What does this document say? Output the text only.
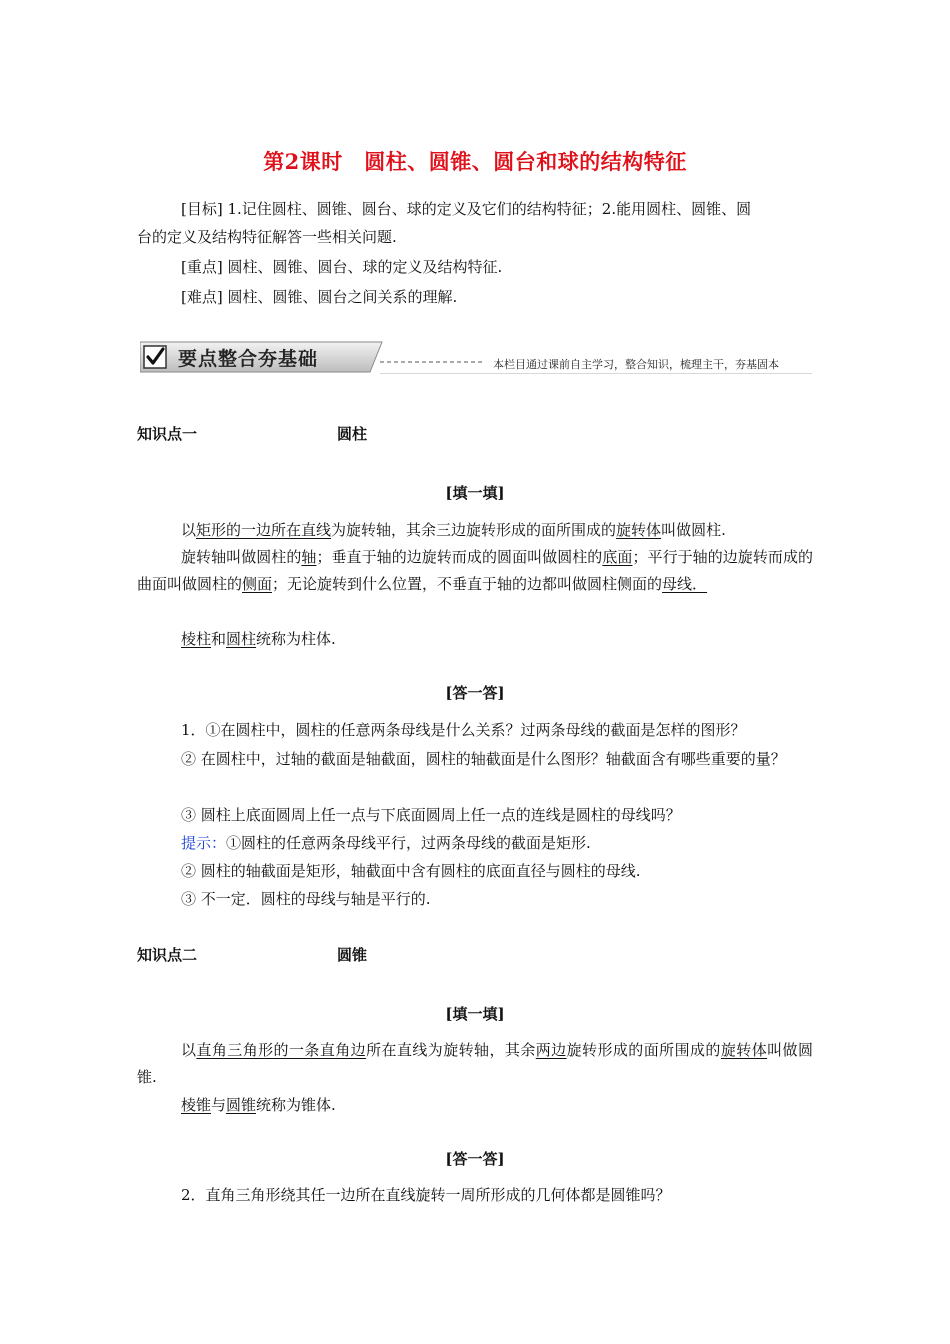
第2课时　圆柱、圆锥、圆台和球的结构特征
[目标] 1.记住圆柱、圆锥、圆台、球的定义及它们的结构特征；2.能用圆柱、圆锥、圆
台的定义及结构特征解答一些相关问题.
[重点] 圆柱、圆锥、圆台、球的定义及结构特征.
[难点] 圆柱、圆锥、圆台之间关系的理解.
要点整合夯基础	本栏目通过课前自主学习，整合知识，梳理主干，夯基固本
知识点一	圆柱
[填一填]
以矩形的一边所在直线为旋转轴，其余三边旋转形成的面所围成的旋转体叫做圆柱.
旋转轴叫做圆柱的轴；垂直于轴的边旋转而成的圆面叫做圆柱的底面；平行于轴的边旋转而成的曲面叫做圆柱的侧面；无论旋转到什么位置，不垂直于轴的边都叫做圆柱侧面的母线．
棱柱和圆柱统称为柱体.
[答一答]
1．①在圆柱中，圆柱的任意两条母线是什么关系？过两条母线的截面是怎样的图形？
② 在圆柱中，过轴的截面是轴截面，圆柱的轴截面是什么图形？轴截面含有哪些重要的量？
③ 圆柱上底面圆周上任一点与下底面圆周上任一点的连线是圆柱的母线吗？
提示：①圆柱的任意两条母线平行，过两条母线的截面是矩形.
② 圆柱的轴截面是矩形，轴截面中含有圆柱的底面直径与圆柱的母线.
③ 不一定．圆柱的母线与轴是平行的.
知识点二	圆锥
[填一填]
以直角三角形的一条直角边所在直线为旋转轴，其余两边旋转形成的面所围成的旋转体叫做圆锥.
棱锥与圆锥统称为锥体.
[答一答]
2．直角三角形绕其任一边所在直线旋转一周所形成的几何体都是圆锥吗？
